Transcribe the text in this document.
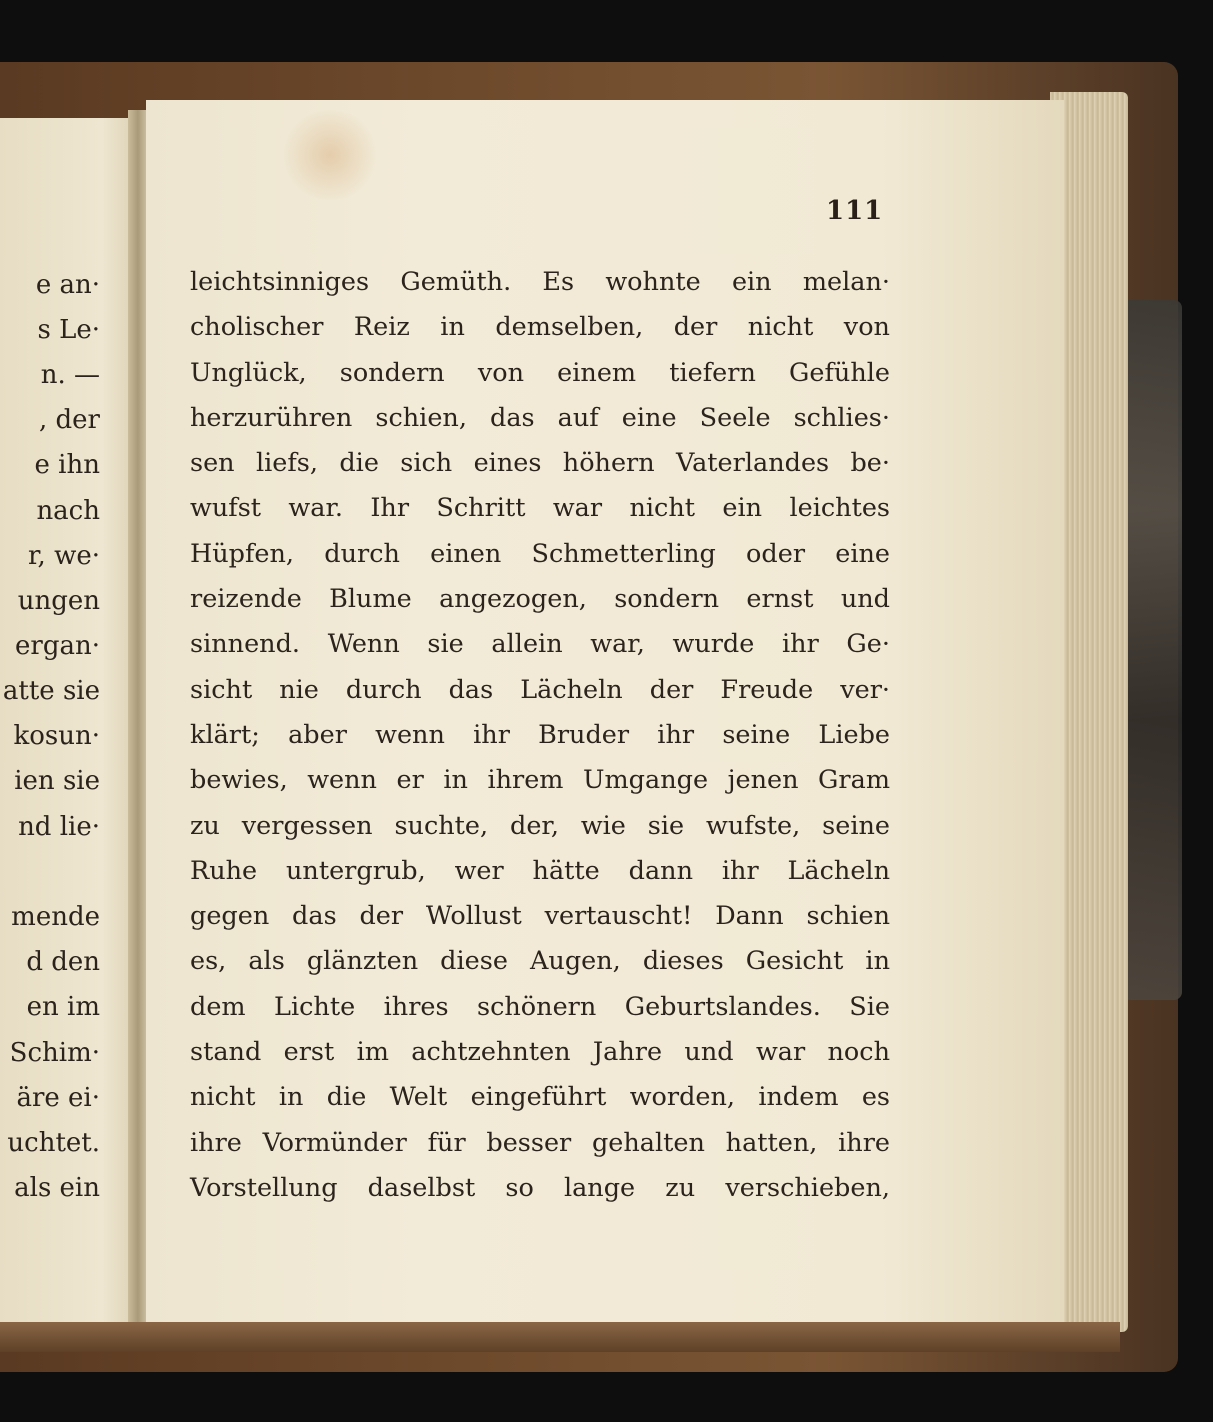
e an·

s Le·

n. —

, der

e ihn

nach

r, we·

ungen

ergan·

atte sie

kosun·

ien sie

nd lie·

mende

d den

en im

Schim·

äre ei·

uchtet.

als ein

111

leichtsinniges Gemüth. Es wohnte ein melan·

cholischer Reiz in demselben, der nicht von

Unglück, sondern von einem tiefern Gefühle

herzurühren schien, das auf eine Seele schlies·

sen liefs, die sich eines höhern Vaterlandes be·

wufst war. Ihr Schritt war nicht ein leichtes

Hüpfen, durch einen Schmetterling oder eine

reizende Blume angezogen, sondern ernst und

sinnend. Wenn sie allein war, wurde ihr Ge·

sicht nie durch das Lächeln der Freude ver·

klärt; aber wenn ihr Bruder ihr seine Liebe

bewies, wenn er in ihrem Umgange jenen Gram

zu vergessen suchte, der, wie sie wufste, seine

Ruhe untergrub, wer hätte dann ihr Lächeln

gegen das der Wollust vertauscht! Dann schien

es, als glänzten diese Augen, dieses Gesicht in

dem Lichte ihres schönern Geburtslandes. Sie

stand erst im achtzehnten Jahre und war noch

nicht in die Welt eingeführt worden, indem es

ihre Vormünder für besser gehalten hatten, ihre

Vorstellung daselbst so lange zu verschieben,
